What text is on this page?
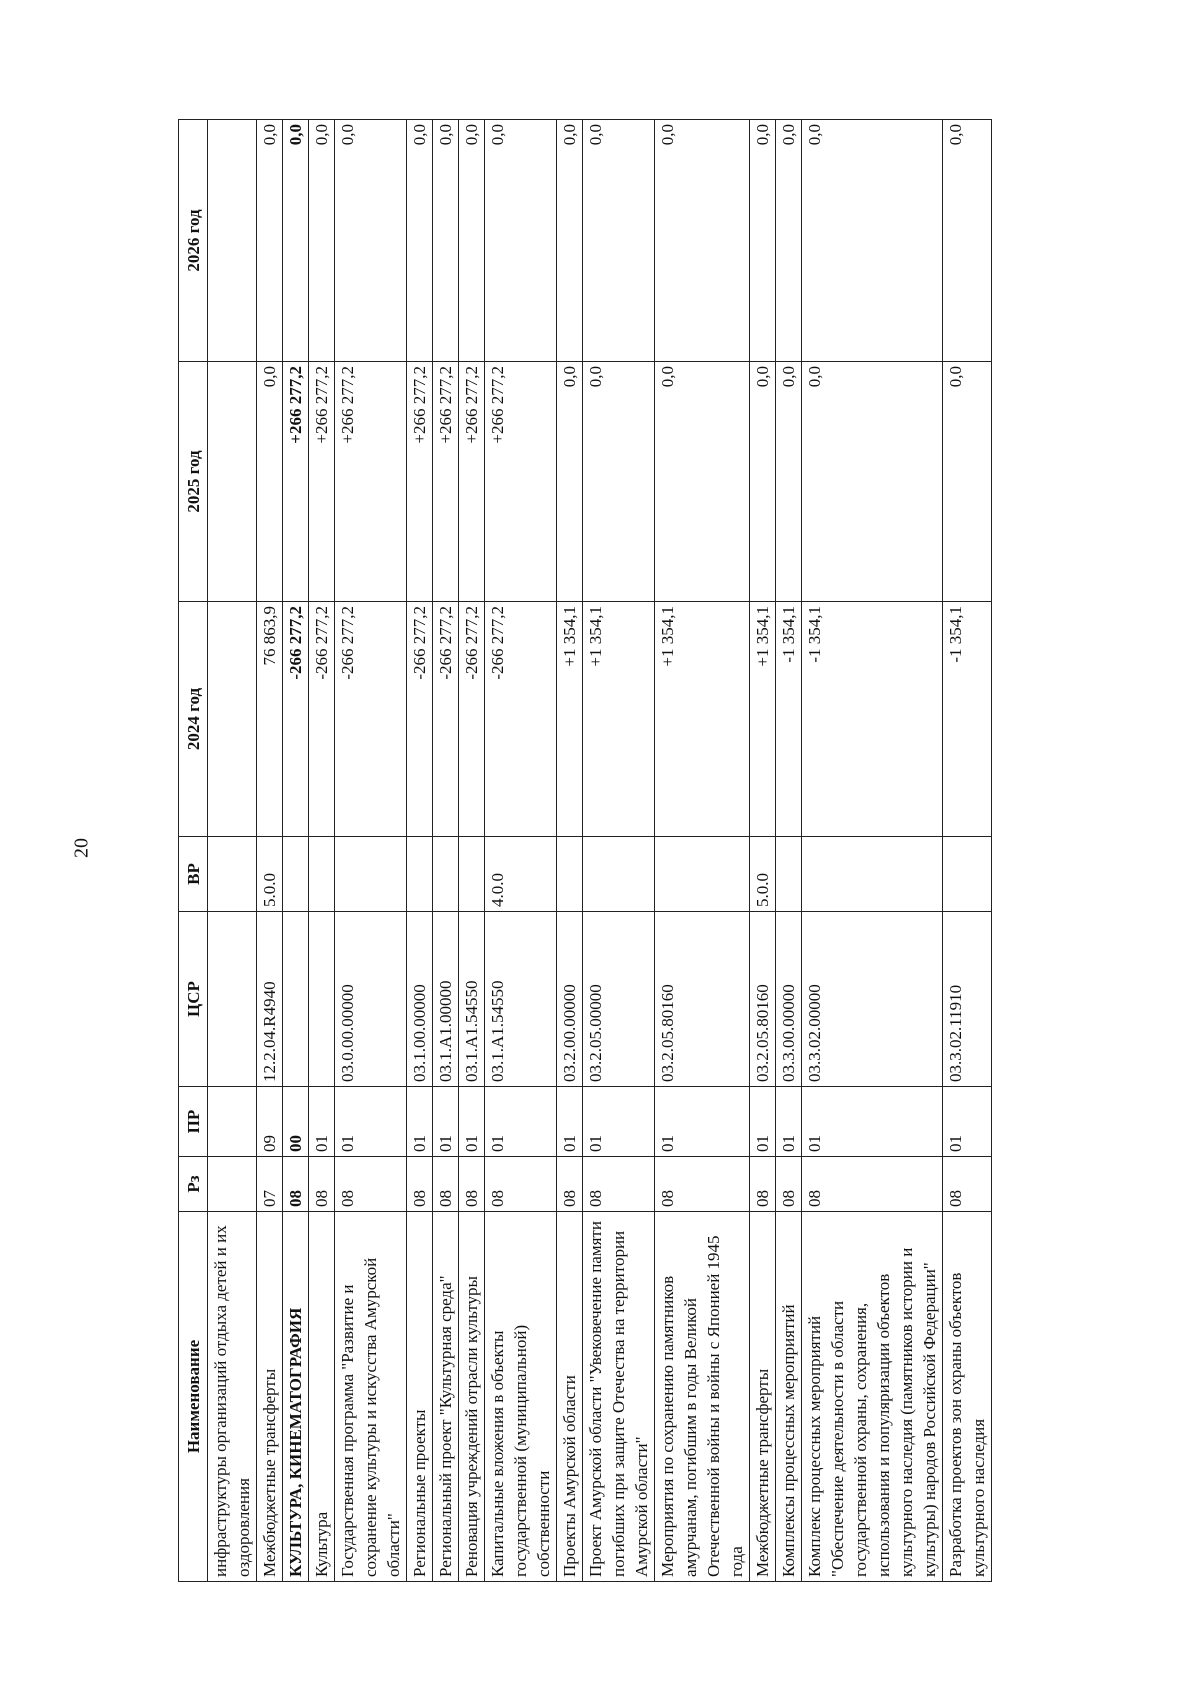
20
Наименование	Рз	ПР	ЦСР	ВР	2024 год	2025 год	2026 год
инфраструктуры организаций отдыха детей и их оздоровления							
Межбюджетные трансферты	07	09	12.2.04.R4940	5.0.0	76 863,9	0,0	0,0
КУЛЬТУРА, КИНЕМАТОГРАФИЯ	08	00			-266 277,2	+266 277,2	0,0
Культура	08	01			-266 277,2	+266 277,2	0,0
Государственная программа "Развитие и сохранение культуры и искусства Амурской области"	08	01	03.0.00.00000		-266 277,2	+266 277,2	0,0
Региональные проекты	08	01	03.1.00.00000		-266 277,2	+266 277,2	0,0
Региональный проект "Культурная среда"	08	01	03.1.A1.00000		-266 277,2	+266 277,2	0,0
Реновация учреждений отрасли культуры	08	01	03.1.A1.54550		-266 277,2	+266 277,2	0,0
Капитальные вложения в объекты государственной (муниципальной) собственности	08	01	03.1.A1.54550	4.0.0	-266 277,2	+266 277,2	0,0
Проекты Амурской области	08	01	03.2.00.00000		+1 354,1	0,0	0,0
Проект Амурской области "Увековечение памяти погибших при защите Отечества на территории Амурской области"	08	01	03.2.05.00000		+1 354,1	0,0	0,0
Мероприятия по сохранению памятников амурчанам, погибшим в годы Великой Отечественной войны и войны с Японией 1945 года	08	01	03.2.05.80160		+1 354,1	0,0	0,0
Межбюджетные трансферты	08	01	03.2.05.80160	5.0.0	+1 354,1	0,0	0,0
Комплексы процессных мероприятий	08	01	03.3.00.00000		-1 354,1	0,0	0,0
Комплекс процессных мероприятий "Обеспечение деятельности в области государственной охраны, сохранения, использования и популяризации объектов культурного наследия (памятников истории и культуры) народов Российской Федерации"	08	01	03.3.02.00000		-1 354,1	0,0	0,0
Разработка проектов зон охраны объектов культурного наследия	08	01	03.3.02.11910		-1 354,1	0,0	0,0
